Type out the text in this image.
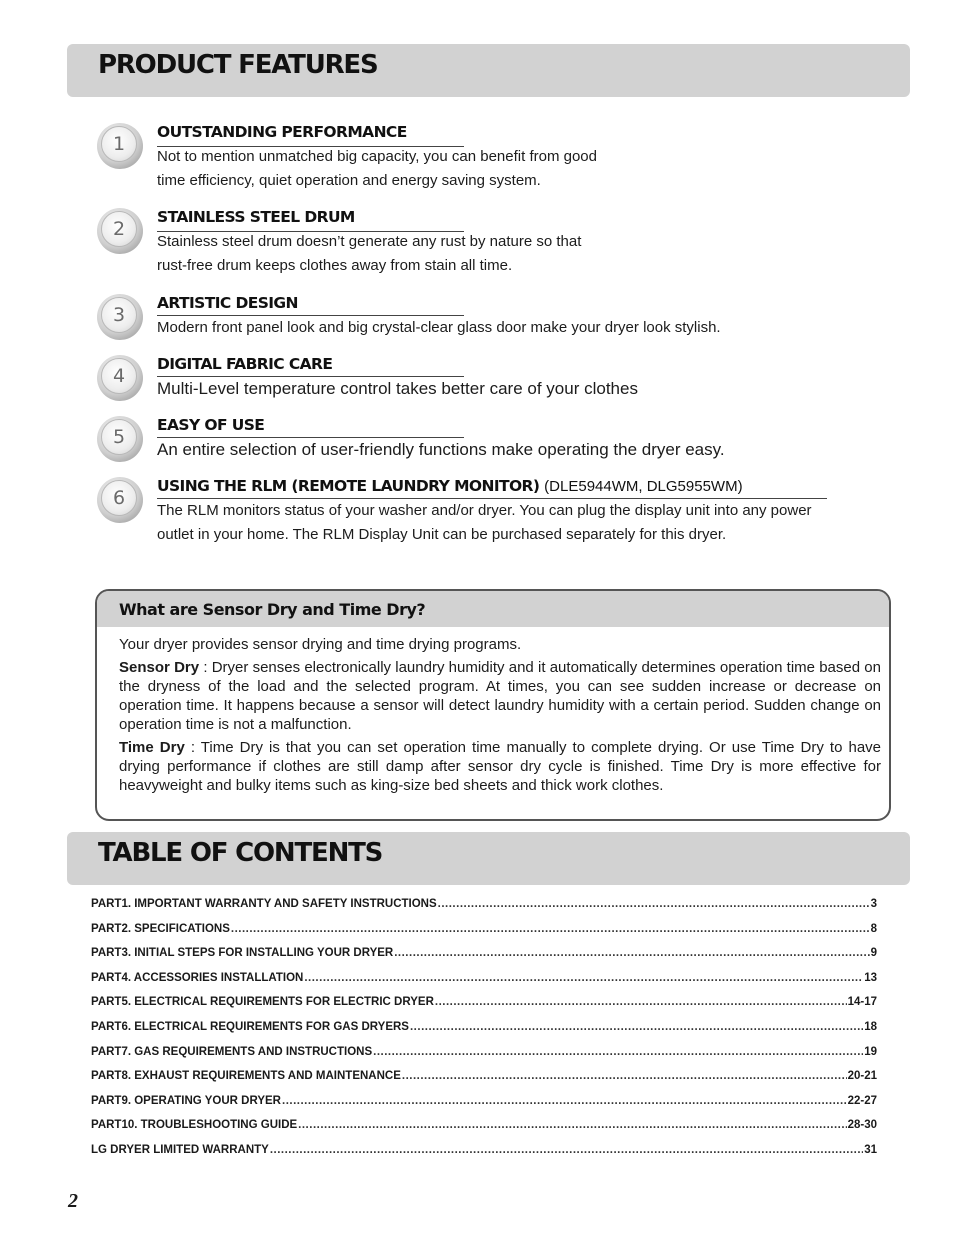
PRODUCT FEATURES
1
OUTSTANDING PERFORMANCE

Not to mention unmatched big capacity, you can benefit from good

time efficiency, quiet operation and energy saving system.

2
STAINLESS STEEL DRUM

Stainless steel drum doesn’t generate any rust by nature so that

rust-free drum keeps clothes away from stain all time.

3
ARTISTIC DESIGN

Modern front panel look and big crystal-clear glass door make your dryer look stylish.

4
DIGITAL FABRIC CARE

Multi-Level temperature control takes better care of your clothes

5
EASY OF USE

An entire selection of user-friendly functions make operating the dryer easy.

6
USING THE RLM (REMOTE LAUNDRY MONITOR) (DLE5944WM, DLG5955WM)

The RLM monitors status of your washer and/or dryer. You can plug the display unit into any power

outlet in your home. The RLM Display Unit can be purchased separately for this dryer.

What are Sensor Dry and Time Dry?

Your dryer provides sensor drying and time drying programs.

Sensor Dry : Dryer senses electronically laundry humidity and it automatically determines operation time based on the dryness of the load and the selected program. At times, you can see sudden increase or decrease on operation time. It happens because a sensor will detect laundry humidity with a certain period. Sudden change on operation time is not a malfunction.

Time Dry : Time Dry is that you can set operation time manually to complete drying. Or use Time Dry to have drying performance if clothes are still damp after sensor dry cycle is finished. Time Dry is more effective for heavyweight and bulky items such as king-size bed sheets and thick work clothes.

TABLE OF CONTENTS
PART1. IMPORTANT WARRANTY AND SAFETY INSTRUCTIONS .....	3
PART2. SPECIFICATIONS .....	8
PART3. INITIAL STEPS FOR INSTALLING YOUR DRYER .....	9
PART4. ACCESSORIES INSTALLATION .....	13
PART5. ELECTRICAL REQUIREMENTS FOR ELECTRIC DRYER .....	14-17
PART6. ELECTRICAL REQUIREMENTS FOR GAS DRYERS .....	18
PART7. GAS REQUIREMENTS AND INSTRUCTIONS .....	19
PART8. EXHAUST REQUIREMENTS AND MAINTENANCE .....	20-21
PART9. OPERATING YOUR DRYER .....	22-27
PART10. TROUBLESHOOTING GUIDE .....	28-30
LG DRYER LIMITED WARRANTY .....	31
2
